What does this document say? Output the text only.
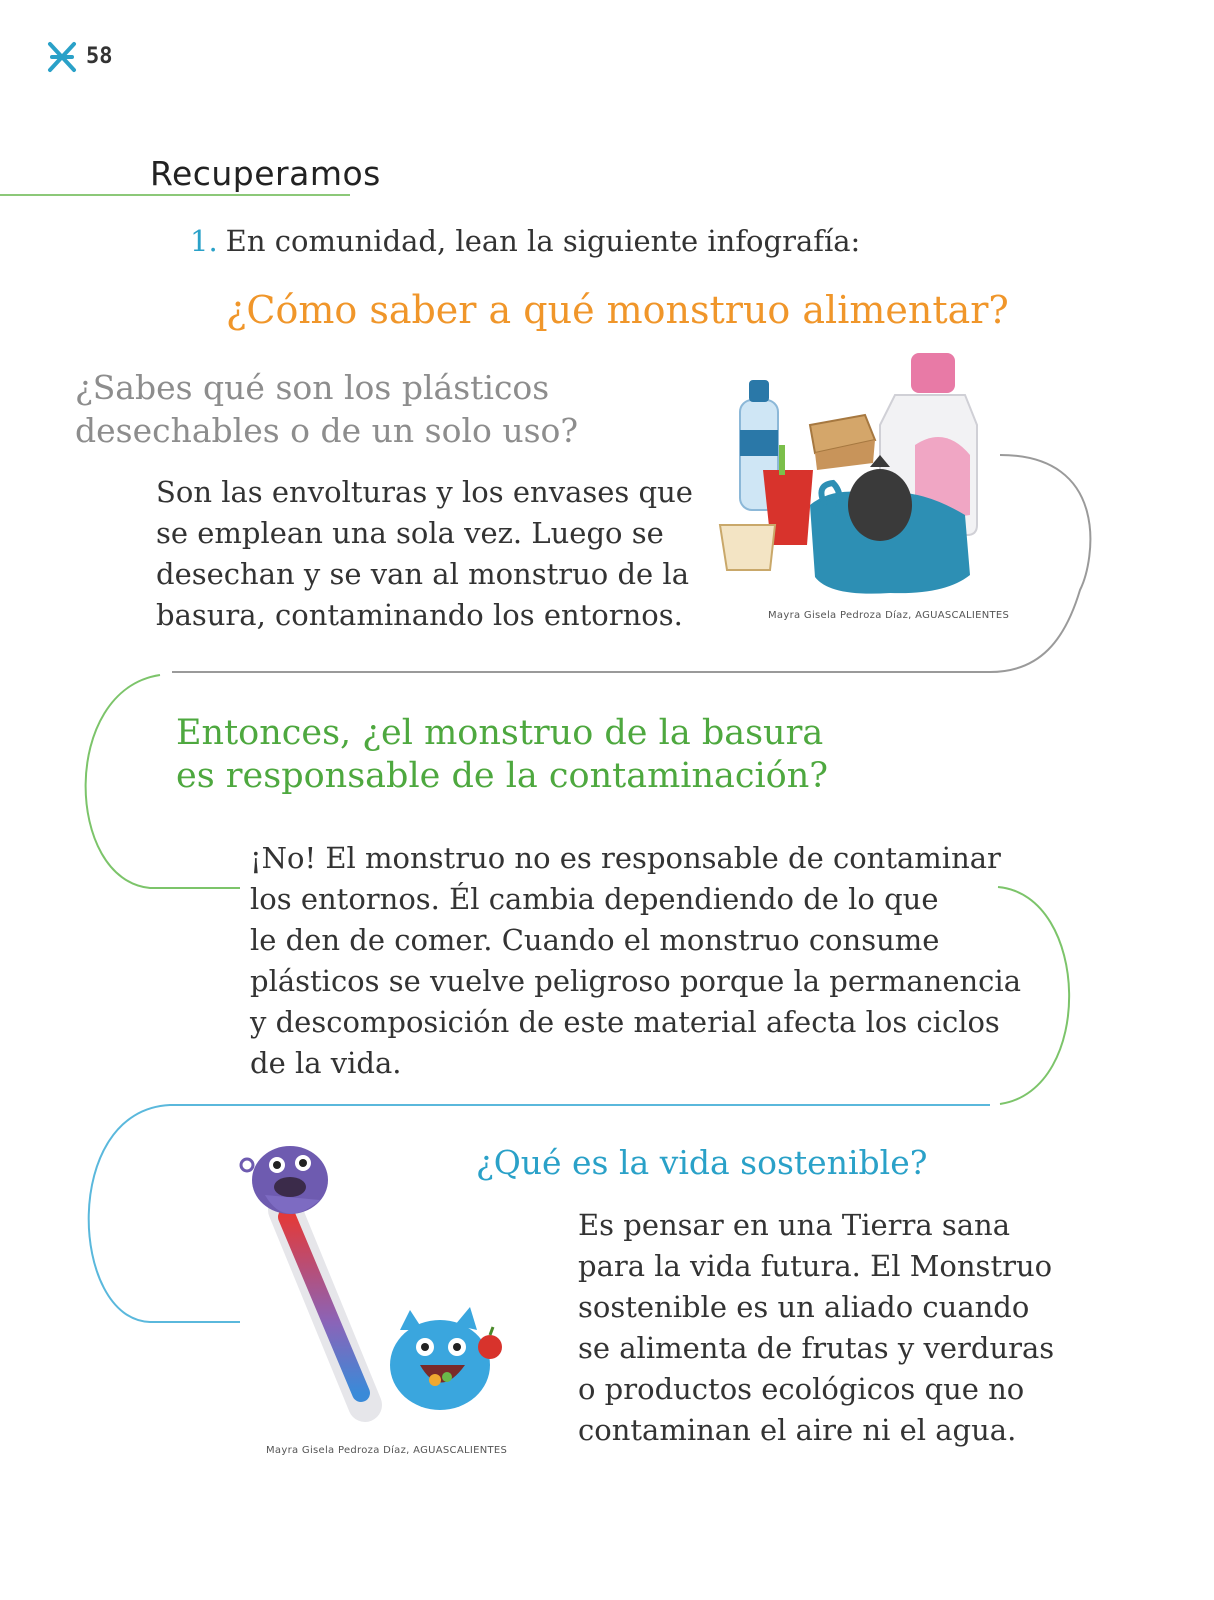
58
Recuperamos
1. En comunidad, lean la siguiente infografía:
¿Cómo saber a qué monstruo alimentar?
¿Sabes qué son los plásticos
desechables o de un solo uso?
Son las envolturas y los envases que
se emplean una sola vez. Luego se
desechan y se van al monstruo de la
basura, contaminando los entornos.	Mayra Gisela Pedroza Díaz, AGUASCALIENTES
Entonces, ¿el monstruo de la basura
es responsable de la contaminación?
¡No! El monstruo no es responsable de contaminar
los entornos. Él cambia dependiendo de lo que
le den de comer. Cuando el monstruo consume
plásticos se vuelve peligroso porque la permanencia
y descomposición de este material afecta los ciclos
de la vida.
Mayra Gisela Pedroza Díaz, AGUASCALIENTES
¿Qué es la vida sostenible?
Es pensar en una Tierra sana
para la vida futura. El Monstruo
sostenible es un aliado cuando
se alimenta de frutas y verduras
o productos ecológicos que no
contaminan el aire ni el agua.
